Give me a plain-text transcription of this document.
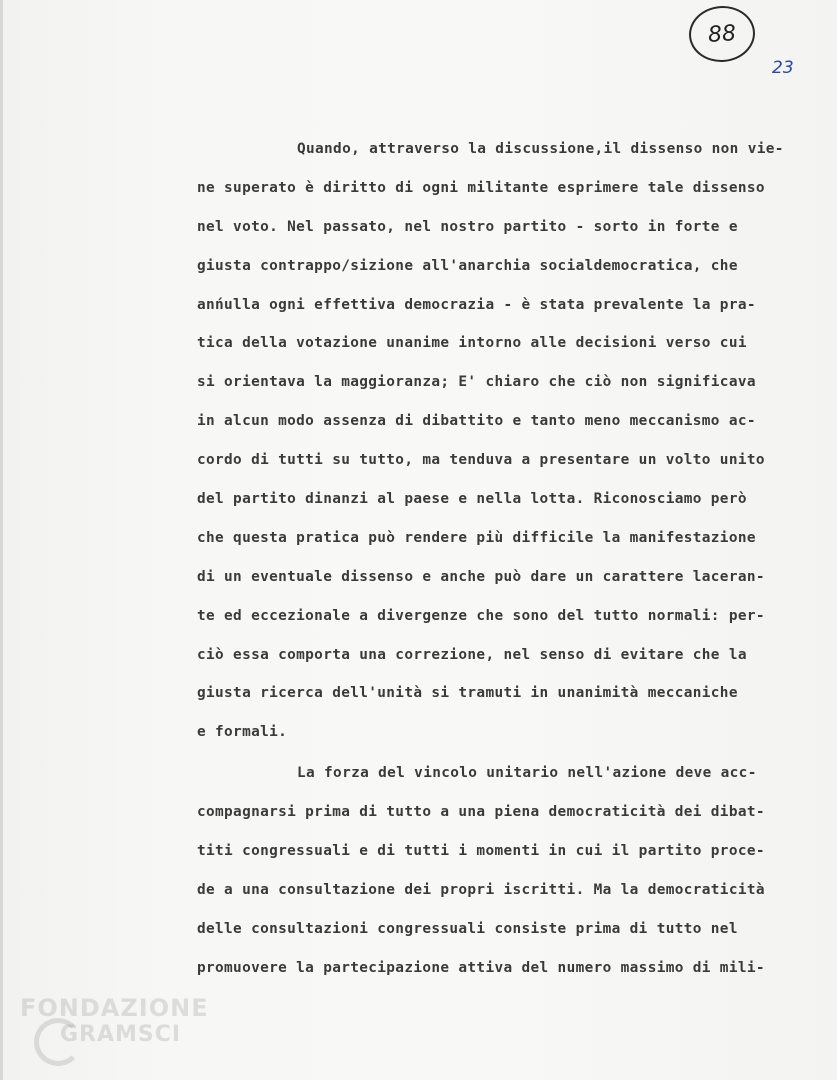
88
23
Quando, attraverso la discussione,il dissenso non vie-
ne superato è diritto di ogni militante esprimere tale dissenso
nel voto. Nel passato, nel nostro partito - sorto in forte e
giusta contrappo/sizione all'anarchia socialdemocratica, che
anńulla ogni effettiva democrazia - è stata prevalente la pra-
tica della votazione unanime intorno alle decisioni verso cui
si orientava la maggioranza; E' chiaro che ciò non significava
in alcun modo assenza di dibattito e tanto meno meccanismo ac-
cordo di tutti su tutto, ma tenduva a presentare un volto unito
del partito dinanzi al paese e nella lotta. Riconosciamo però
che questa pratica può rendere più difficile la manifestazione
di un eventuale dissenso e anche può dare un carattere laceran-
te ed eccezionale a divergenze che sono del tutto normali: per-
ciò essa comporta una correzione, nel senso di evitare che la
giusta ricerca dell'unità si tramuti in unanimità meccaniche
e formali.
La forza del vincolo unitario nell'azione deve acc-
compagnarsi prima di tutto a una piena democraticità dei dibat-
titi congressuali e di tutti i momenti in cui il partito proce-
de a una consultazione dei propri iscritti. Ma la democraticità
delle consultazioni congressuali consiste prima di tutto nel
promuovere la partecipazione attiva del numero massimo di mili-
FONDAZIONE
GRAMSCI
